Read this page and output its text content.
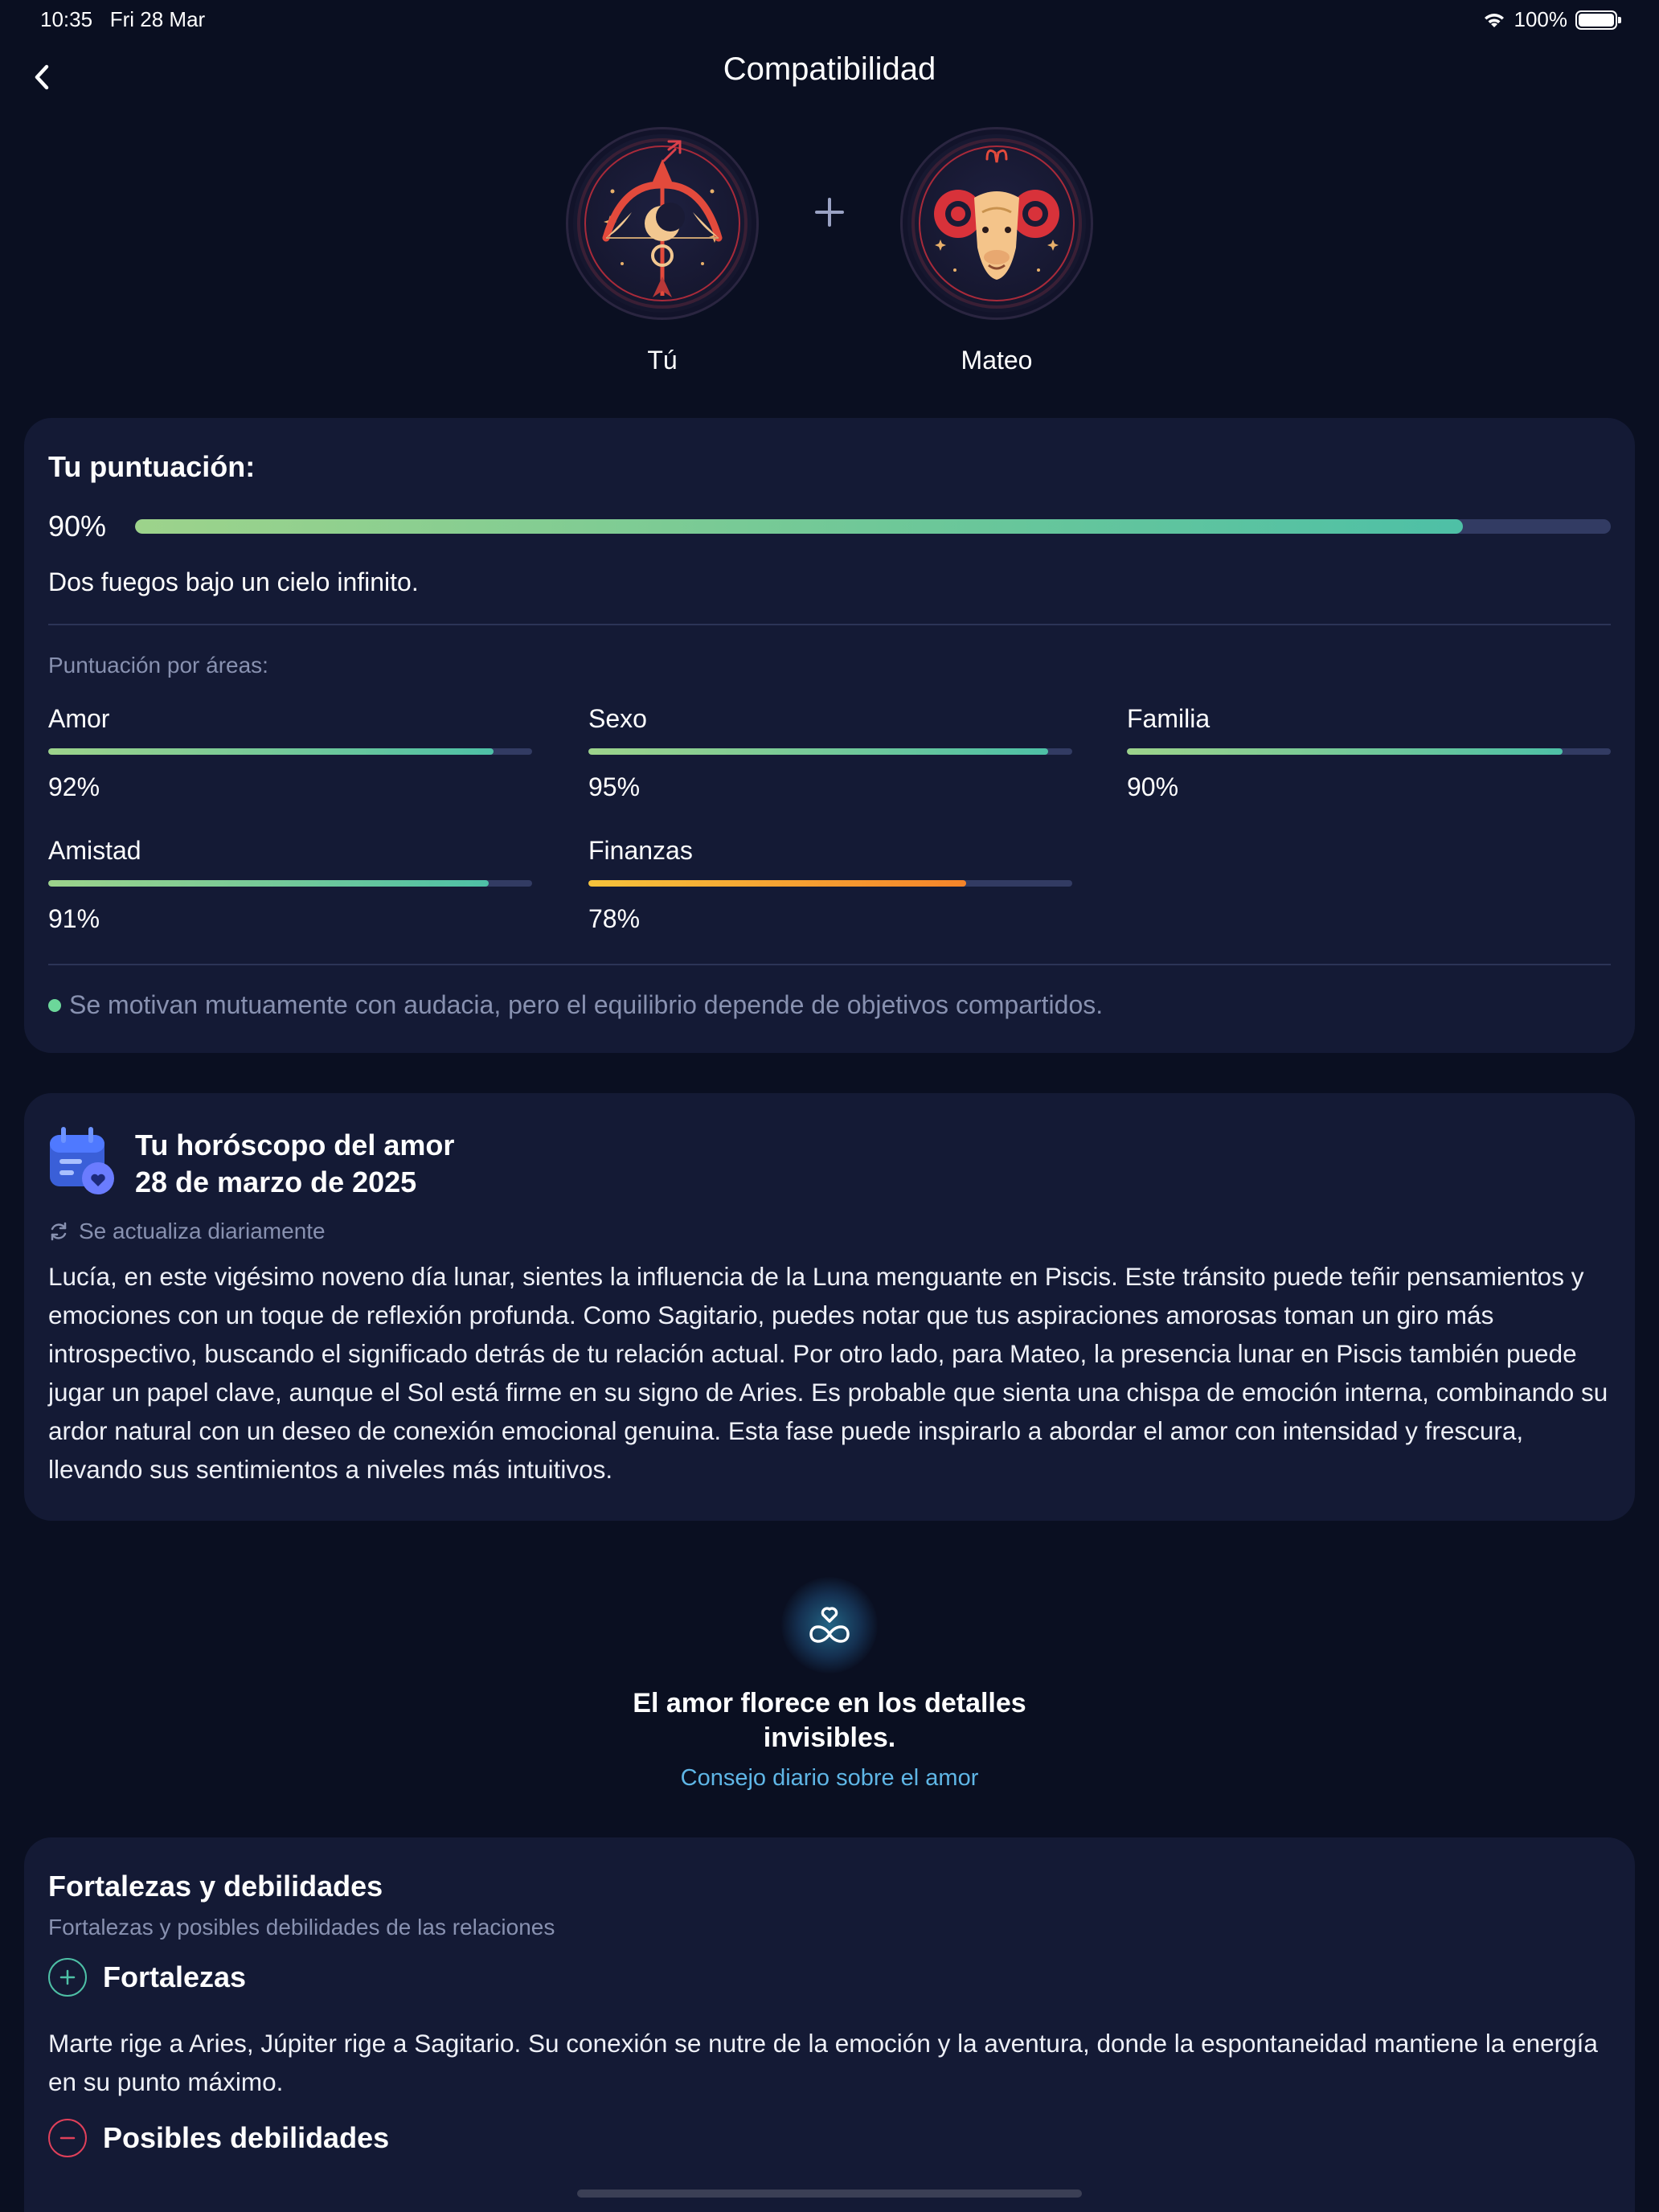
10:35 Fri 28 Mar	100%
Compatibilidad
Tú	Mateo
Tu puntuación:
90%
Dos fuegos bajo un cielo infinito.
Puntuación por áreas:
Amor
92%
Sexo
95%
Familia
90%
Amistad
91%
Finanzas
78%
Se motivan mutuamente con audacia, pero el equilibrio depende de objetivos compartidos.
Tu horóscopo del amor
28 de marzo de 2025
Se actualiza diariamente

Lucía, en este vigésimo noveno día lunar, sientes la influencia de la Luna menguante en Piscis. Este tránsito puede teñir pensamientos y emociones con un toque de reflexión profunda. Como Sagitario, puedes notar que tus aspiraciones amorosas toman un giro más introspectivo, buscando el significado detrás de tu relación actual. Por otro lado, para Mateo, la presencia lunar en Piscis también puede jugar un papel clave, aunque el Sol está firme en su signo de Aries. Es probable que sienta una chispa de emoción interna, combinando su ardor natural con un deseo de conexión emocional genuina. Esta fase puede inspirarlo a abordar el amor con intensidad y frescura, llevando sus sentimientos a niveles más intuitivos.

El amor florece en los detalles invisibles.
Consejo diario sobre el amor
Fortalezas y debilidades
Fortalezas y posibles debilidades de las relaciones
Fortalezas

Marte rige a Aries, Júpiter rige a Sagitario. Su conexión se nutre de la emoción y la aventura, donde la espontaneidad mantiene la energía en su punto máximo.

Posibles debilidades
